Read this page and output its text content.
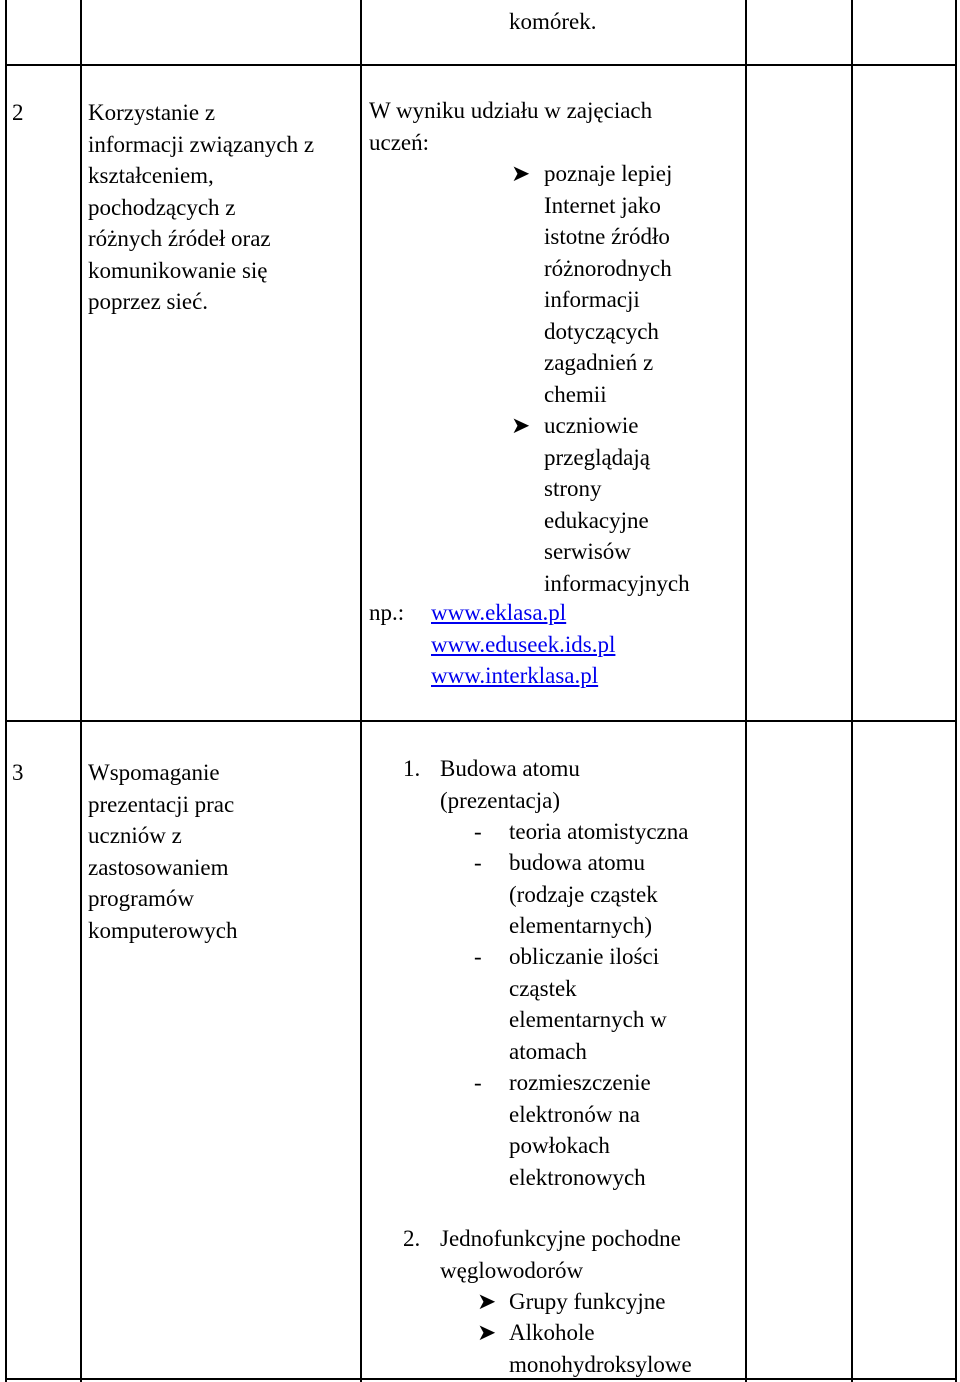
komórek.
2	Korzystanie z
informacji związanych z
kształceniem,
pochodzących z
różnych źródeł oraz
komunikowanie się
poprzez sieć.
W wyniku udziału w zajęciach
uczeń:
➤ poznaje lepiej
Internet jako
istotne źródło
różnorodnych
informacji
dotyczących
zagadnień z
chemii
➤ uczniowie
przeglądają
strony
edukacyjne
serwisów
informacyjnych
np.: www.eklasa.pl
www.eduseek.ids.pl
www.interklasa.pl
3	Wspomaganie
prezentacji prac
uczniów z
zastosowaniem
programów
komputerowych
1. Budowa atomu
(prezentacja)
- teoria atomistyczna
- budowa atomu
(rodzaje cząstek
elementarnych)
- obliczanie ilości
cząstek
elementarnych w
atomach
- rozmieszczenie
elektronów na
powłokach
elektronowych
2. Jednofunkcyjne pochodne
węglowodorów
➤ Grupy funkcyjne
➤ Alkohole
monohydroksylowe
